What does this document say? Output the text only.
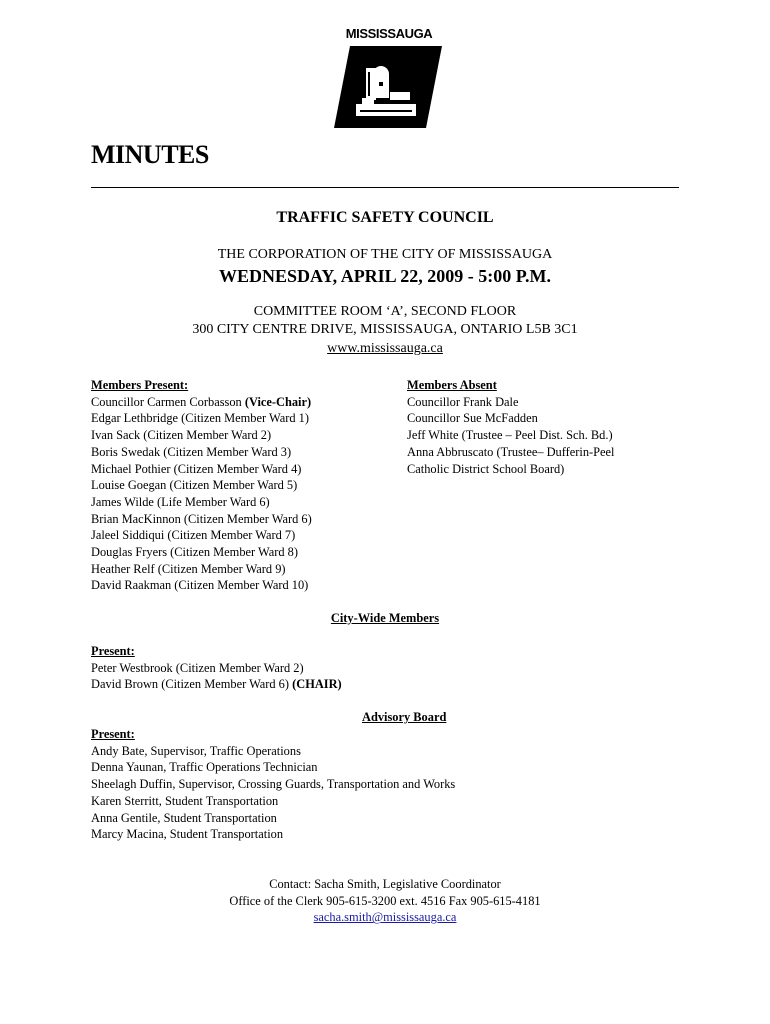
MISSISSAUGA
MINUTES
TRAFFIC SAFETY COUNCIL
THE CORPORATION OF THE CITY OF MISSISSAUGA
WEDNESDAY, APRIL 22, 2009 - 5:00 P.M.
COMMITTEE ROOM ‘A’, SECOND FLOOR
300 CITY CENTRE DRIVE, MISSISSAUGA, ONTARIO L5B 3C1
www.mississauga.ca
Members Present:
Councillor Carmen Corbasson (Vice-Chair)
Edgar Lethbridge (Citizen Member Ward 1)
Ivan Sack (Citizen Member Ward 2)
Boris Swedak (Citizen Member Ward 3)
Michael Pothier (Citizen Member Ward 4)
Louise Goegan (Citizen Member Ward 5)
James Wilde (Life Member Ward 6)
Brian MacKinnon (Citizen Member Ward 6)
Jaleel Siddiqui (Citizen Member Ward 7)
Douglas Fryers (Citizen Member Ward 8)
Heather Relf (Citizen Member Ward 9)
David Raakman (Citizen Member Ward 10)
Members Absent
Councillor Frank Dale
Councillor Sue McFadden
Jeff White (Trustee – Peel Dist. Sch. Bd.)
Anna Abbruscato (Trustee– Dufferin-Peel
Catholic District School Board)
City-Wide Members
Present:
Peter Westbrook (Citizen Member Ward 2)
David Brown (Citizen Member Ward 6) (CHAIR)
Advisory Board
Present:
Andy Bate, Supervisor, Traffic Operations
Denna Yaunan, Traffic Operations Technician
Sheelagh Duffin, Supervisor, Crossing Guards, Transportation and Works
Karen Sterritt, Student Transportation
Anna Gentile, Student Transportation
Marcy Macina, Student Transportation
Contact: Sacha Smith, Legislative Coordinator
Office of the Clerk 905-615-3200 ext. 4516 Fax 905-615-4181
sacha.smith@mississauga.ca
